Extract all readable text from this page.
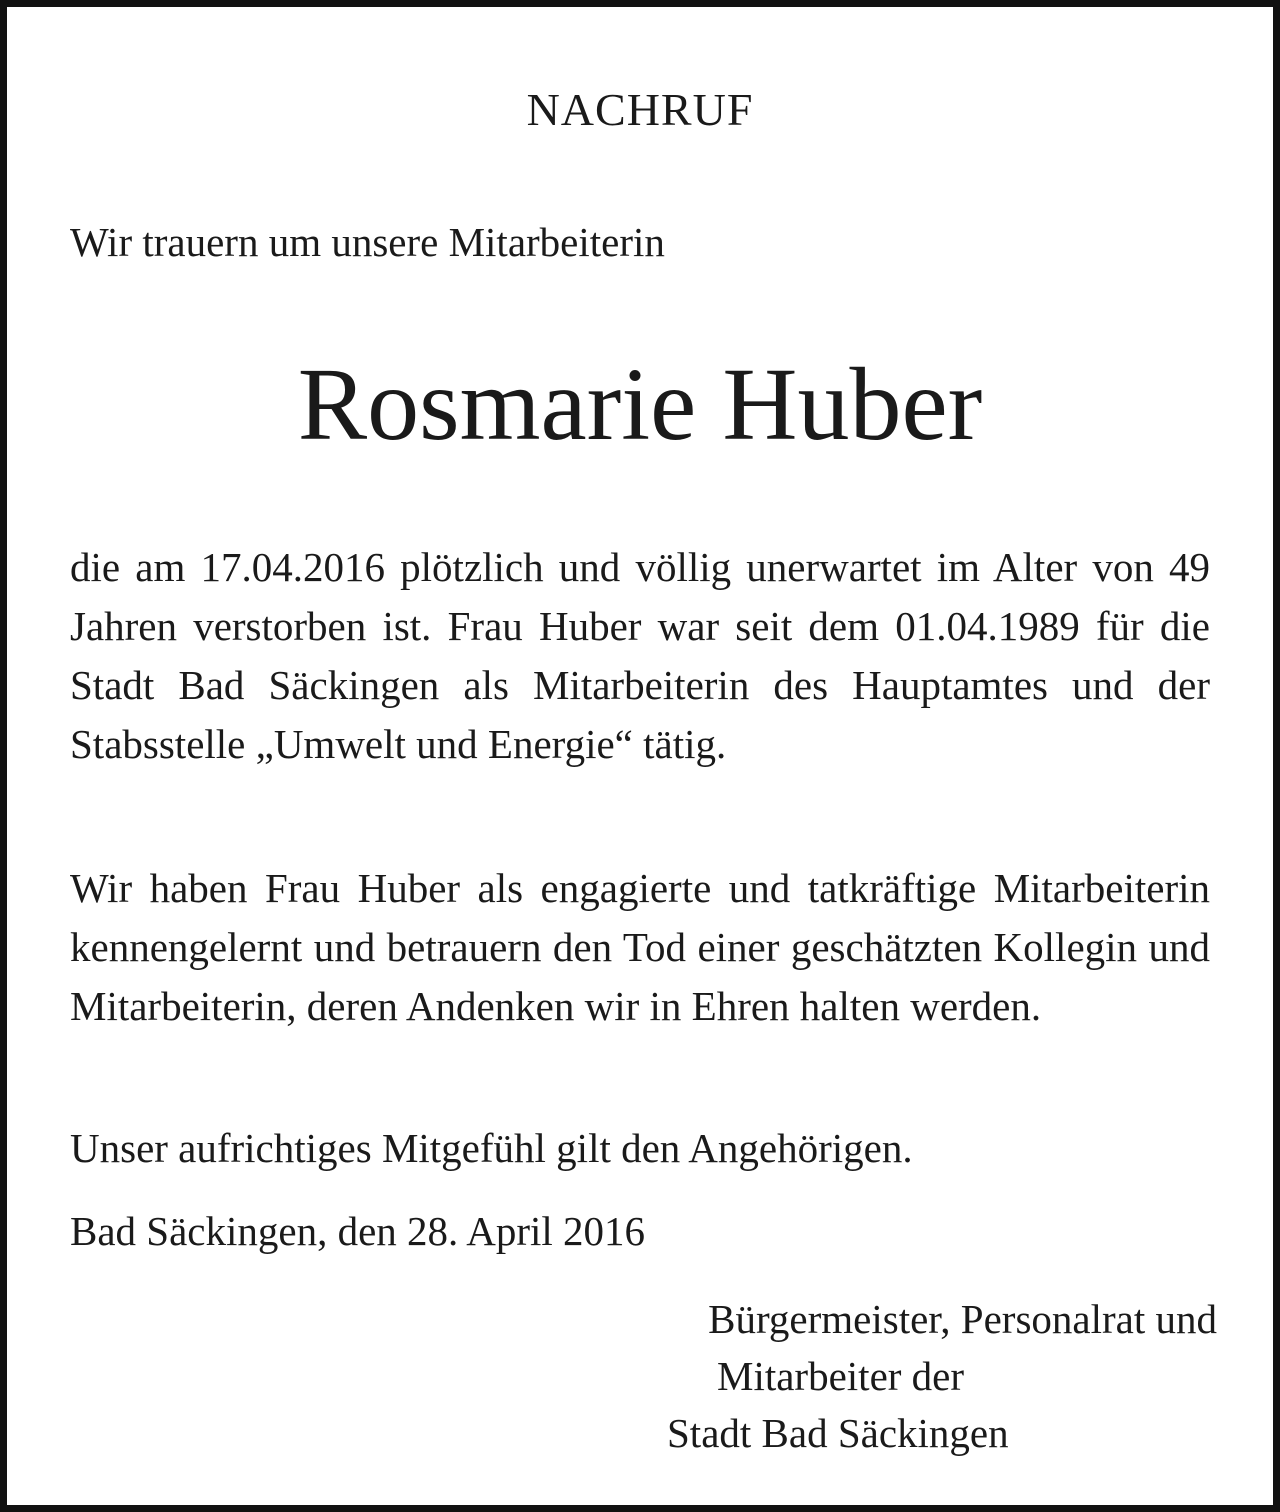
NACHRUF
Wir trauern um unsere Mitarbeiterin
Rosmarie Huber
die am 17.04.2016 plötzlich und völlig unerwartet im Alter von 49 Jahren verstorben ist. Frau Huber war seit dem 01.04.1989 für die Stadt Bad Säckingen als Mitarbeiterin des Hauptamtes und der Stabsstelle „Umwelt und Energie“ tätig.
Wir haben Frau Huber als engagierte und tatkräftige Mitarbeiterin kennengelernt und betrauern den Tod einer geschätzten Kollegin und Mitarbeiterin, deren Andenken wir in Ehren halten werden.
Unser aufrichtiges Mitgefühl gilt den Angehörigen.
Bad Säckingen, den 28. April 2016
Bürgermeister, Personalrat und
Mitarbeiter der
Stadt Bad Säckingen
